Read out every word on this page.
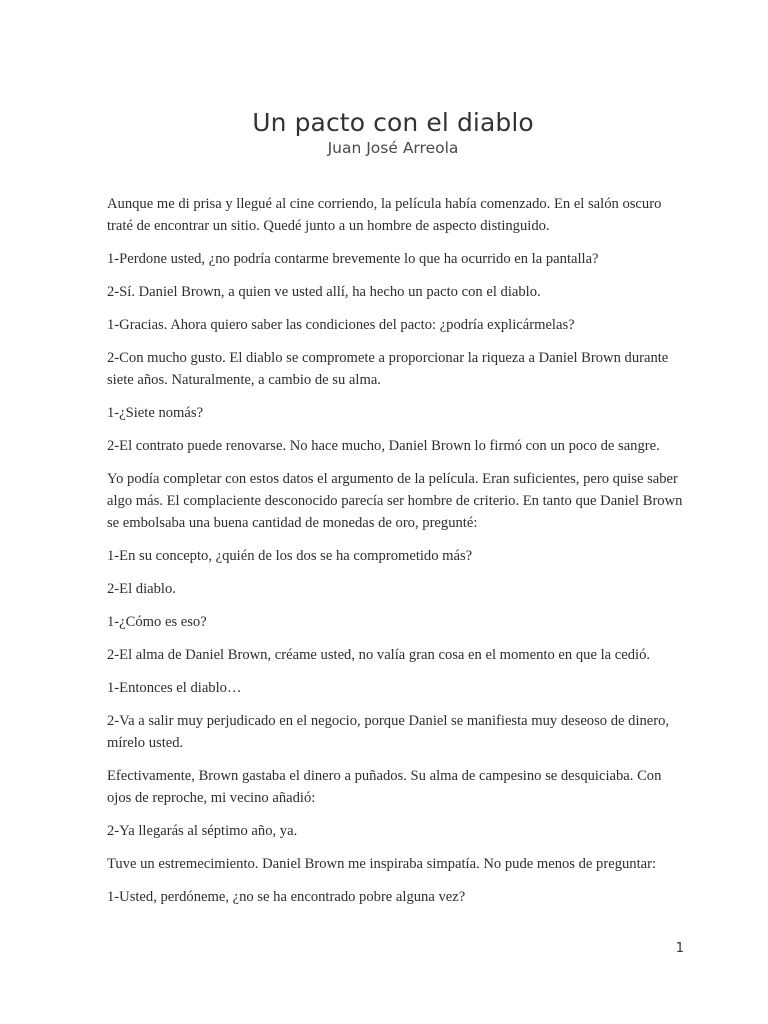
Un pacto con el diablo
Juan José Arreola

Aunque me di prisa y llegué al cine corriendo, la película había comenzado. En el salón oscuro traté de encontrar un sitio. Quedé junto a un hombre de aspecto distinguido.

1-Perdone usted, ¿no podría contarme brevemente lo que ha ocurrido en la pantalla?

2-Sí. Daniel Brown, a quien ve usted allí, ha hecho un pacto con el diablo.

1-Gracias. Ahora quiero saber las condiciones del pacto: ¿podría explicármelas?

2-Con mucho gusto. El diablo se compromete a proporcionar la riqueza a Daniel Brown durante siete años. Naturalmente, a cambio de su alma.

1-¿Siete nomás?

2-El contrato puede renovarse. No hace mucho, Daniel Brown lo firmó con un poco de sangre.

Yo podía completar con estos datos el argumento de la película. Eran suficientes, pero quise saber algo más. El complaciente desconocido parecía ser hombre de criterio. En tanto que Daniel Brown se embolsaba una buena cantidad de monedas de oro, pregunté:

1-En su concepto, ¿quién de los dos se ha comprometido más?

2-El diablo.

1-¿Cómo es eso?

2-El alma de Daniel Brown, créame usted, no valía gran cosa en el momento en que la cedió.

1-Entonces el diablo…

2-Va a salir muy perjudicado en el negocio, porque Daniel se manifiesta muy deseoso de dinero, mírelo usted.

Efectivamente, Brown gastaba el dinero a puñados. Su alma de campesino se desquiciaba. Con ojos de reproche, mi vecino añadió:

2-Ya llegarás al séptimo año, ya.

Tuve un estremecimiento. Daniel Brown me inspiraba simpatía. No pude menos de preguntar:

1-Usted, perdóneme, ¿no se ha encontrado pobre alguna vez?

1
